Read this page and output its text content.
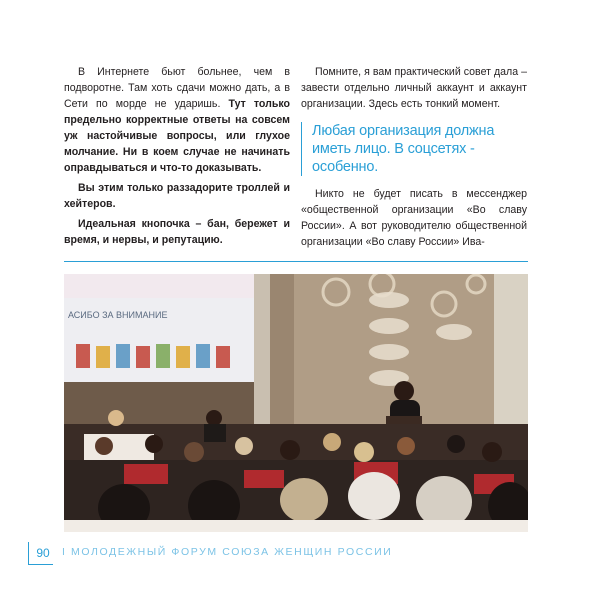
В Интернете бьют больнее, чем в подворотне. Там хоть сдачи можно дать, а в Сети по морде не ударишь. Тут только предельно корректные ответы на совсем уж настойчивые вопросы, или глухое молчание. Ни в коем случае не начинать оправдываться и что-то доказывать.

Вы этим только раззадорите троллей и хейтеров.

Идеальная кнопочка – бан, бережет и время, и нервы, и репутацию.

Помните, я вам практический совет дала – завести отдельно личный аккаунт и аккаунт организации. Здесь есть тонкий момент.

Любая организация должна иметь лицо. В соцсетях - особенно.

Никто не будет писать в мессенджер «общественной организации «Во славу России». А вот руководителю общественной организации «Во славу России» Ива-

АСИБО ЗА ВНИМАНИЕ
90	I МОЛОДЕЖНЫЙ ФОРУМ СОЮЗА ЖЕНЩИН РОССИИ
